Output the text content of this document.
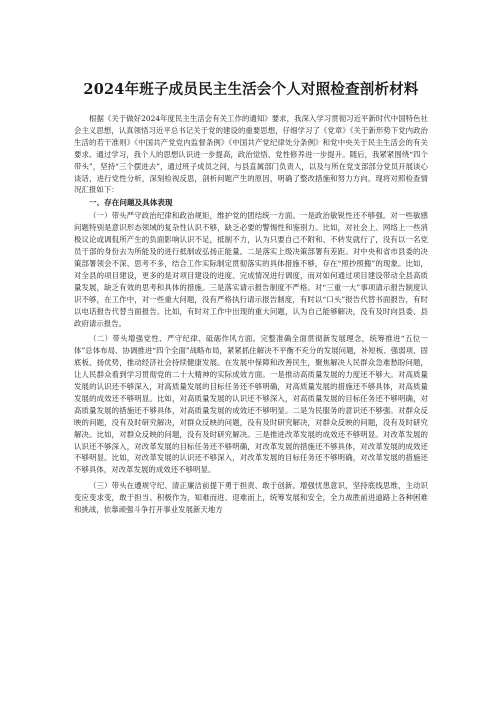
2024年班子成员民主生活会个人对照检查剖析材料

根据《关于做好2024年度民主生活会有关工作的通知》要求，我深入学习贯彻习近平新时代中国特色社会主义思想，认真领悟习近平总书记关于党的建设的重要思想，仔细学习了《党章》《关于新形势下党内政治生活的若干准则》《中国共产党党内监督条例》《中国共产党纪律处分条例》和党中央关于民主生活会的有关要求。通过学习，我个人的思想认识进一步提高，政治觉悟、党性修养进一步提升。随后，我紧紧围绕“四个带头”，坚持“三个摆进去”，通过班子成员之间，与县直属部门负责人，以及与所在党支部部分党员开展谈心谈话，进行党性分析，深刻检视反思，剖析问题产生的原因，明确了整改措施和努力方向。现将对照检查情况汇报如下：

一、存在问题及具体表现

（一）带头严守政治纪律和政治规矩，维护党的团结统一方面。一是政治敏锐性还不够强。对一些敏感问题特别是意识形态领域的复杂性认识不够，缺乏必要的警惕性和鉴别力。比如，对社会上、网络上一些消极议论或调侃所产生的负面影响认识不足，抵制不力，认为只要自己不附和、不转发就行了，没有以一名党员干部的身份去为所能及的进行抵制或弘扬正能量。二是落实上级决策部署有差距。对中央和省市县委的决策部署领会不深、思考不多，结合工作实际制定贯彻落实的具体措施不够，存在“照抄照搬”的现象。比如，对全县的项目建设，更多的是对项目建设的进度、完成情况进行调度，而对如何通过项目建设带动全县高质量发展，缺乏有效的思考和具体的措施。三是落实请示报告制度不严格。对“三重一大”事项请示报告制度认识不够，在工作中，对一些重大问题，没有严格执行请示报告制度，有时以“口头”报告代替书面报告，有时以电话报告代替当面报告。比如，有时对工作中出现的重大问题，认为自己能够解决，没有及时向县委、县政府请示报告。

（二）带头增强党性、严守纪律、砥砺作风方面。完整准确全面贯彻新发展理念，统筹推进“五位一体”总体布局、协调推进“四个全面”战略布局，紧紧抓住解决不平衡不充分的发展问题，补短板、强弱项、固底板、扬优势，推动经济社会持续健康发展。在发展中保障和改善民生，聚焦解决人民群众急难愁盼问题，让人民群众看到学习贯彻党的二十大精神的实际成效方面。一是推动高质量发展的力度还不够大。对高质量发展的认识还不够深入，对高质量发展的目标任务还不够明确，对高质量发展的措施还不够具体，对高质量发展的成效还不够明显。比如，对高质量发展的认识还不够深入，对高质量发展的目标任务还不够明确，对高质量发展的措施还不够具体，对高质量发展的成效还不够明显。二是为民服务的意识还不够强。对群众反映的问题，没有及时研究解决，对群众反映的问题，没有及时研究解决，对群众反映的问题，没有及时研究解决。比如，对群众反映的问题，没有及时研究解决。三是推进改革发展的成效还不够明显。对改革发展的认识还不够深入，对改革发展的目标任务还不够明确，对改革发展的措施还不够具体，对改革发展的成效还不够明显。比如，对改革发展的认识还不够深入，对改革发展的目标任务还不够明确，对改革发展的措施还不够具体，对改革发展的成效还不够明显。

（三）带头在遵规守纪、清正廉洁前提下勇于担责、敢于创新。增强忧患意识，坚持底线思维，主动识变应变求变，敢于担当、积极作为，知难而进、迎难而上，统筹发展和安全，全力战胜前进道路上各种困难和挑战，依靠顽强斗争打开事业发展新天地方
